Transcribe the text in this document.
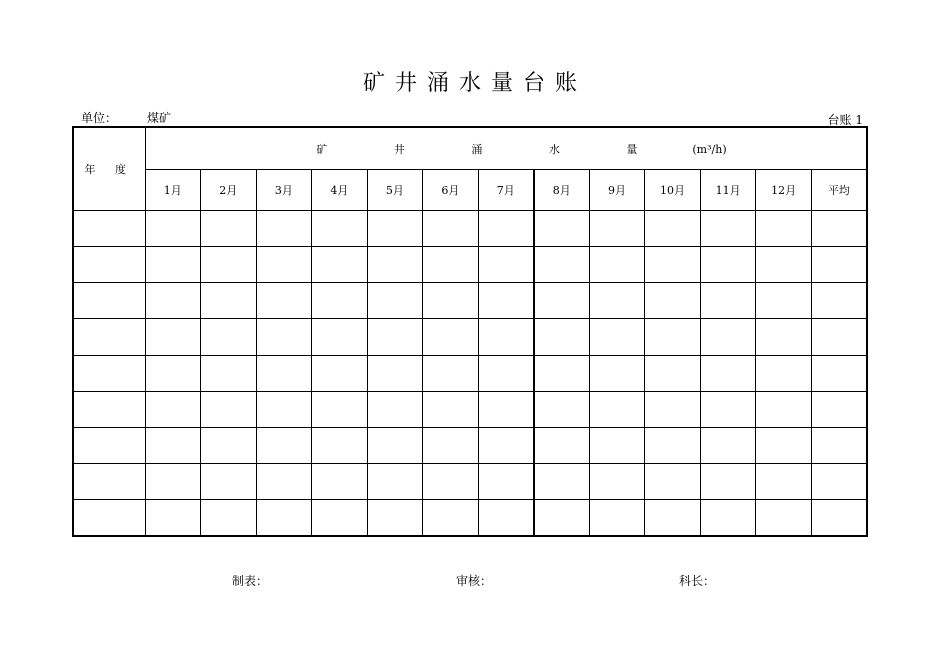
矿井涌水量台账
单位： 煤矿	台账 1
年 度	矿 井 涌 水 量 (m³/h)												
	1月	2月	3月	4月	5月	6月	7月	8月	9月	10月	11月	12月	平均

制表：	审核：	科长：
